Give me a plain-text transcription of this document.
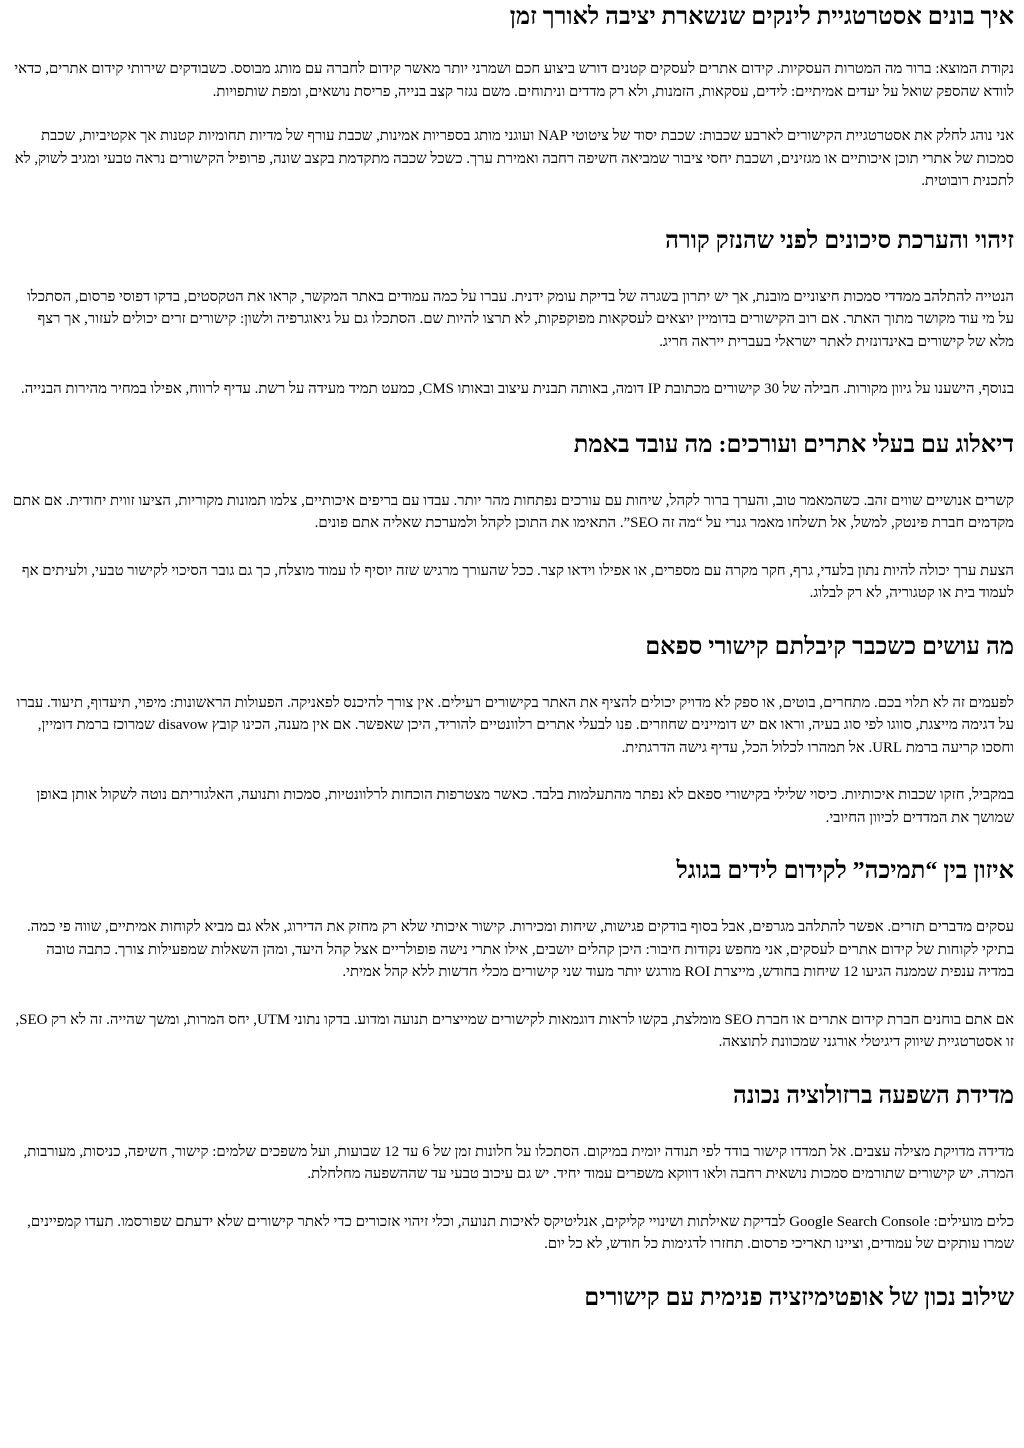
איך בונים אסטרטגיית לינקים שנשארת יציבה לאורך זמן

נקודת המוצא: ברור מה המטרות העסקיות. קידום אתרים לעסקים קטנים דורש ביצוע חכם ושמרני יותר מאשר קידום לחברה עם מותג מבוסס. כשבודקים שירותי קידום אתרים, כדאי לוודא שהספק שואל על יעדים אמיתיים: לידים, עסקאות, הזמנות, ולא רק מדדים וניתוחים. משם נגזר קצב בנייה, פריסת נושאים, ומפת שותפויות.

אני נוהג לחלק את אסטרטגיית הקישורים לארבע שכבות: שכבת יסוד של ציטוטי NAP ועוגני מותג בספריות אמינות, שכבת עורף של מדיות תחומיות קטנות אך אקטיביות, שכבת סמכות של אתרי תוכן איכותיים או מגזינים, ושכבת יחסי ציבור שמביאה חשיפה רחבה ואמירת ערך. כשכל שכבה מתקדמת בקצב שונה, פרופיל הקישורים נראה טבעי ומגיב לשוק, לא לתכנית רובוטית.

זיהוי והערכת סיכונים לפני שהנזק קורה

הנטייה להתלהב ממדדי סמכות חיצוניים מובנת, אך יש יתרון בשגרה של בדיקת עומק ידנית. עברו על כמה עמודים באתר המקשר, קראו את הטקסטים, בדקו דפוסי פרסום, הסתכלו על מי עוד מקושר מתוך האתר. אם רוב הקישורים בדומיין יוצאים לעסקאות מפוקפקות, לא תרצו להיות שם. הסתכלו גם על גיאוגרפיה ולשון: קישורים זרים יכולים לעזור, אך רצף מלא של קישורים באינדונזית לאתר ישראלי בעברית ייראה חריג.

בנוסף, הישענו על גיוון מקורות. חבילה של 30 קישורים מכתובת IP דומה, באותה תבנית עיצוב ובאותו CMS, כמעט תמיד מעידה על רשת. עדיף לרווח, אפילו במחיר מהירות הבנייה.

דיאלוג עם בעלי אתרים ועורכים: מה עובד באמת

קשרים אנושיים שווים זהב. כשהמאמר טוב, והערך ברור לקהל, שיחות עם עורכים נפתחות מהר יותר. עבדו עם בריפים איכותיים, צלמו תמונות מקוריות, הציעו זווית יחודית. אם אתם מקדמים חברת פינטק, למשל, אל תשלחו מאמר גנרי על “מה זה SEO”. התאימו את התוכן לקהל ולמערכת שאליה אתם פונים.

הצעת ערך יכולה להיות נתון בלעדי, גרף, חקר מקרה עם מספרים, או אפילו וידאו קצר. ככל שהעורך מרגיש שזה יוסיף לו עמוד מוצלח, כך גם גובר הסיכוי לקישור טבעי, ולעיתים אף לעמוד בית או קטגוריה, לא רק לבלוג.

מה עושים כשכבר קיבלתם קישורי ספאם

לפעמים זה לא תלוי בכם. מתחרים, בוטים, או ספק לא מדויק יכולים להציף את האתר בקישורים רעילים. אין צורך להיכנס לפאניקה. הפעולות הראשונות: מיפוי, תיעדוף, תיעוד. עברו על דגימה מייצגת, סווגו לפי סוג בעיה, וראו אם יש דומיינים שחוזרים. פנו לבעלי אתרים רלוונטיים להוריד, היכן שאפשר. אם אין מענה, הכינו קובץ disavow שמרוכז ברמת דומיין, וחסכו קריעה ברמת URL. אל תמהרו לכלול הכל, עדיף גישה הדרגתית.

במקביל, חזקו שכבות איכותיות. כיסוי שלילי בקישורי ספאם לא נפתר מהתעלמות בלבד. כאשר מצטרפות הוכחות לרלוונטיות, סמכות ותנועה, האלגוריתם נוטה לשקול אותן באופן שמושך את המדדים לכיוון החיובי.

איזון בין “תמיכה” לקידום לידים בגוגל

עסקים מדברים תזרים. אפשר להתלהב מגרפים, אבל בסוף בודקים פגישות, שיחות ומכירות. קישור איכותי שלא רק מחזק את הדירוג, אלא גם מביא לקוחות אמיתיים, שווה פי כמה. בתיקי לקוחות של קידום אתרים לעסקים, אני מחפש נקודות חיבור: היכן קהלים יושבים, אילו אתרי נישה פופולריים אצל קהל היעד, ומהן השאלות שמפעילות צורך. כתבה טובה במדיה ענפית שממנה הגיעו 12 שיחות בחודש, מייצרת ROI מורגש יותר מעוד שני קישורים מכלי חדשות ללא קהל אמיתי.

אם אתם בוחנים חברת קידום אתרים או חברת SEO מומלצת, בקשו לראות דוגמאות לקישורים שמייצרים תנועה ומדוע. בדקו נתוני UTM, יחס המרות, ומשך שהייה. זה לא רק SEO, זו אסטרטגיית שיווק דיגיטלי אורגני שמכוונת לתוצאה.

מדידת השפעה ברזולוציה נכונה

מדידה מדויקת מצילה עצבים. אל תמדדו קישור בודד לפי תנודה יומית במיקום. הסתכלו על חלונות זמן של 6 עד 12 שבועות, ועל משפכים שלמים: קישור, חשיפה, כניסות, מעורבות, המרה. יש קישורים שתורמים סמכות נושאית רחבה ולאו דווקא משפרים עמוד יחיד. יש גם עיכוב טבעי עד שההשפעה מחלחלת.

כלים מועילים: Google Search Console לבדיקת שאילתות ושינויי קליקים, אנליטיקס לאיכות תנועה, וכלי זיהוי אזכורים כדי לאתר קישורים שלא ידעתם שפורסמו. תעדו קמפיינים, שמרו עותקים של עמודים, וציינו תאריכי פרסום. תחזרו לדגימות כל חודש, לא כל יום.

שילוב נכון של אופטימיזציה פנימית עם קישורים
